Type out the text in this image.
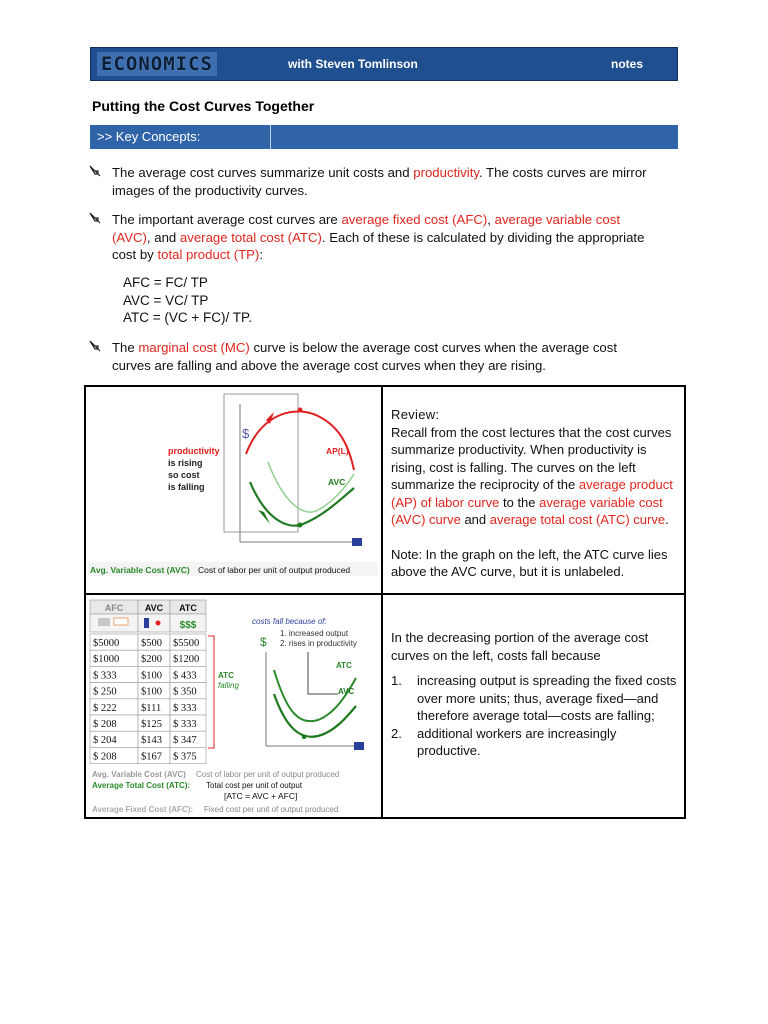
ECONOMICS	with Steven Tomlinson	notes
Putting the Cost Curves Together
>> Key Concepts:
The average cost curves summarize unit costs and productivity. The costs curves are mirror images of the productivity curves.
The important average cost curves are average fixed cost (AFC), average variable cost (AVC), and average total cost (ATC). Each of these is calculated by dividing the appropriate cost by total product (TP):
AFC = FC/ TP
AVC = VC/ TP
ATC = (VC + FC)/ TP.
The marginal cost (MC) curve is below the average cost curves when the average cost curves are falling and above the average cost curves when they are rising.
$
AP(L)
AVC
productivity
is rising
so cost
is falling
Avg. Variable Cost (AVC) Cost of labor per unit of output produced

Review:

Recall from the cost lectures that the cost curves summarize productivity. When productivity is rising, cost is falling. The curves on the left summarize the reciprocity of the average product (AP) of labor curve to the average variable cost (AVC) curve and average total cost (ATC) curve.

Note: In the graph on the left, the ATC curve lies above the AVC curve, but it is unlabeled.

AFC AVC ATC
$$$
$5000 $500 $5500
$1000 $200 $1200
$ 333 $100 $ 433
$ 250 $100 $ 350
$ 222 $111 $ 333
$ 208 $125 $ 333
$ 204 $143 $ 347
$ 208 $167 $ 375
ATC
falling
costs fall because of:
1. increased output
2. rises in productivity
$
ATC
AVC
Avg. Variable Cost (AVC) Cost of labor per unit of output produced
Average Total Cost (ATC): Total cost per unit of output
[ATC = AVC + AFC]
Average Fixed Cost (AFC): Fixed cost per unit of output produced

In the decreasing portion of the average cost curves on the left, costs fall because

1. increasing output is spreading the fixed costs over more units; thus, average fixed—and therefore average total—costs are falling;
2. additional workers are increasingly productive.
